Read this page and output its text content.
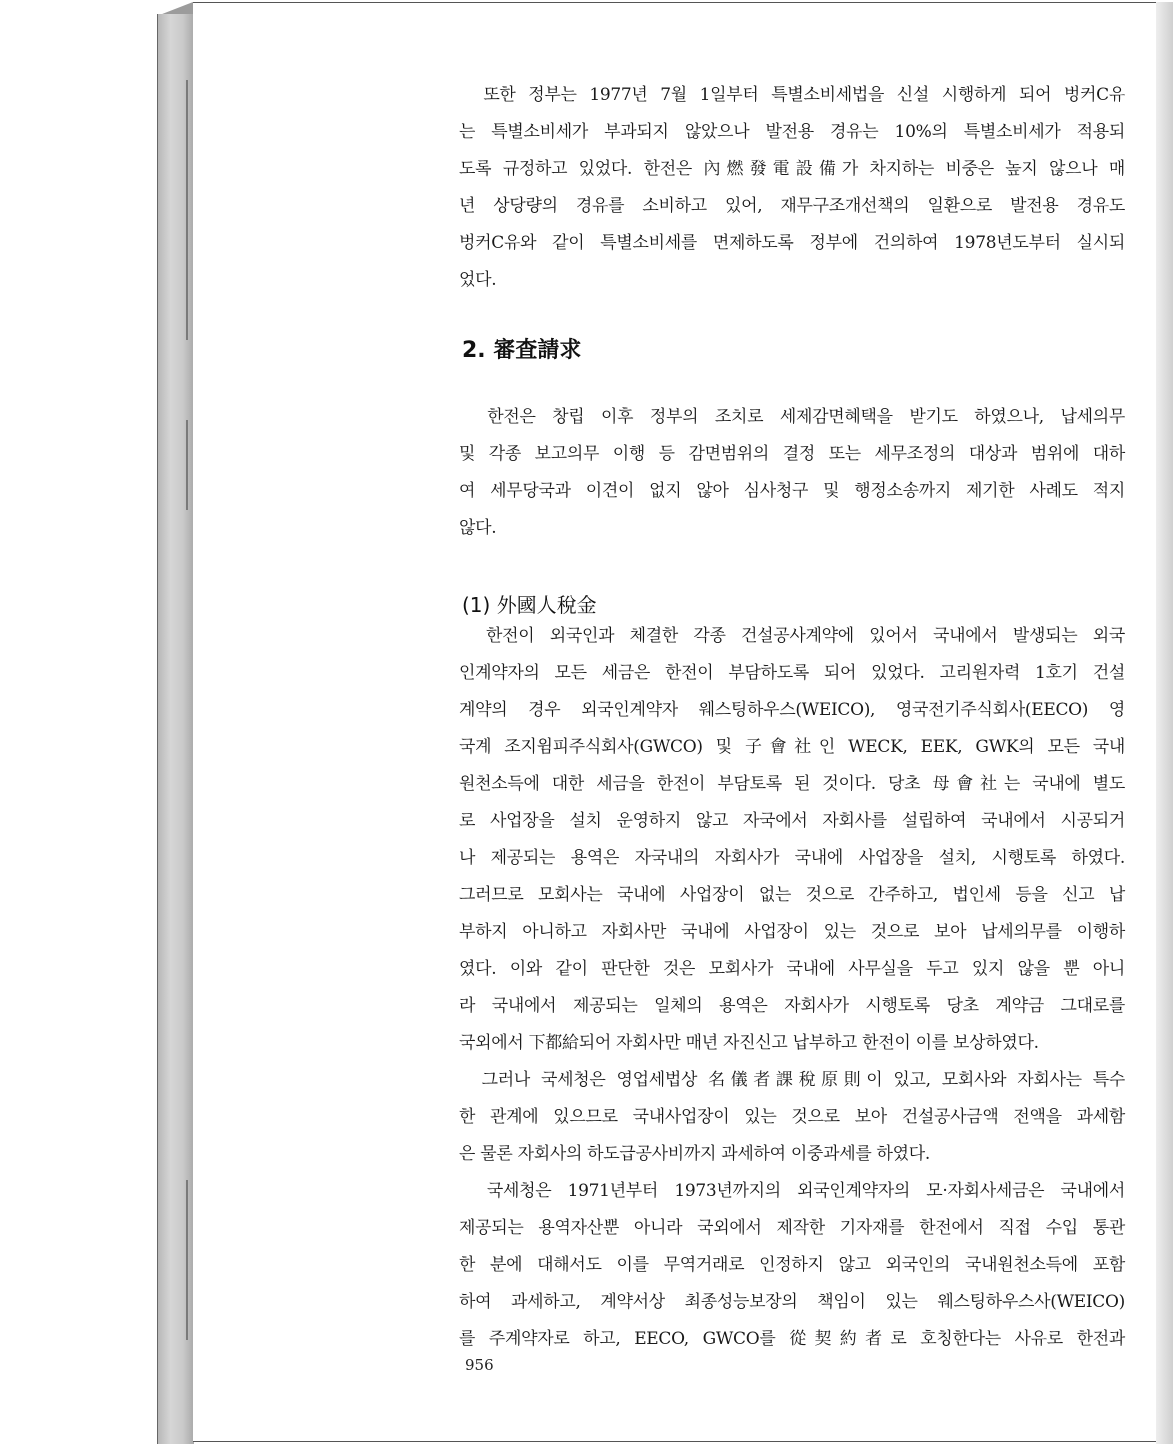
　또한 정부는 1977년 7월 1일부터 특별소비세법을 신설 시행하게 되어 벙커C유
는 특별소비세가 부과되지 않았으나 발전용 경유는 10%의 특별소비세가 적용되
도록 규정하고 있었다. 한전은 內燃發電設備가 차지하는 비중은 높지 않으나 매
년 상당량의 경유를 소비하고 있어, 재무구조개선책의 일환으로 발전용 경유도
벙커C유와 같이 특별소비세를 면제하도록 정부에 건의하여 1978년도부터 실시되
었다.
2. 審査請求
　한전은 창립 이후 정부의 조치로 세제감면혜택을 받기도 하였으나, 납세의무
및 각종 보고의무 이행 등 감면범위의 결정 또는 세무조정의 대상과 범위에 대하
여 세무당국과 이견이 없지 않아 심사청구 및 행정소송까지 제기한 사례도 적지
않다.
(1) 外國人稅金
　한전이 외국인과 체결한 각종 건설공사계약에 있어서 국내에서 발생되는 외국
인계약자의 모든 세금은 한전이 부담하도록 되어 있었다. 고리원자력 1호기 건설
계약의 경우 외국인계약자 웨스팅하우스(WEICO), 영국전기주식회사(EECO) 영
국계 조지윔피주식회사(GWCO) 및 子會社인 WECK, EEK, GWK의 모든 국내
원천소득에 대한 세금을 한전이 부담토록 된 것이다. 당초 母會社는 국내에 별도
로 사업장을 설치 운영하지 않고 자국에서 자회사를 설립하여 국내에서 시공되거
나 제공되는 용역은 자국내의 자회사가 국내에 사업장을 설치, 시행토록 하였다.
그러므로 모회사는 국내에 사업장이 없는 것으로 간주하고, 법인세 등을 신고 납
부하지 아니하고 자회사만 국내에 사업장이 있는 것으로 보아 납세의무를 이행하
였다. 이와 같이 판단한 것은 모회사가 국내에 사무실을 두고 있지 않을 뿐 아니
라 국내에서 제공되는 일체의 용역은 자회사가 시행토록 당초 계약금 그대로를
국외에서 下都給되어 자회사만 매년 자진신고 납부하고 한전이 이를 보상하였다.
　그러나 국세청은 영업세법상 名儀者課稅原則이 있고, 모회사와 자회사는 특수
한 관계에 있으므로 국내사업장이 있는 것으로 보아 건설공사금액 전액을 과세함
은 물론 자회사의 하도급공사비까지 과세하여 이중과세를 하였다.
　국세청은 1971년부터 1973년까지의 외국인계약자의 모·자회사세금은 국내에서
제공되는 용역자산뿐 아니라 국외에서 제작한 기자재를 한전에서 직접 수입 통관
한 분에 대해서도 이를 무역거래로 인정하지 않고 외국인의 국내원천소득에 포함
하여 과세하고, 계약서상 최종성능보장의 책임이 있는 웨스팅하우스사(WEICO)
를 주계약자로 하고, EECO, GWCO를 從契約者로 호칭한다는 사유로 한전과
956
